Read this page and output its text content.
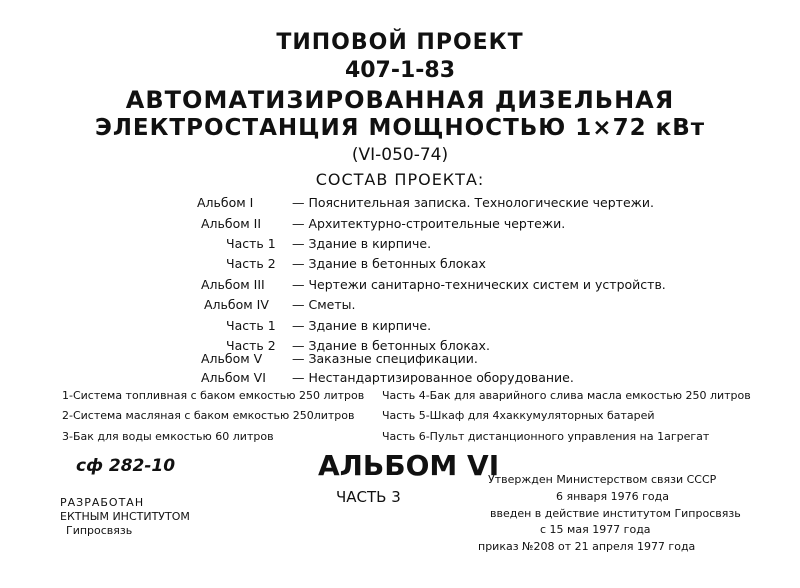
ТИПОВОЙ ПРОЕКТ
407-1-83
АВТОМАТИЗИРОВАННАЯ ДИЗЕЛЬНАЯ
ЭЛЕКТРОСТАНЦИЯ МОЩНОСТЬЮ 1×72 кВт
(VI-050-74)
СОСТАВ ПРОЕКТА:
Альбом I	— Пояснительная записка. Технологические чертежи.
Альбом II — Архитектурно-строительные чертежи.
Часть 1 — Здание в кирпиче.
Часть 2 — Здание в бетонных блоках
Альбом III — Чертежи санитарно-технических систем и устройств.
Альбом IV — Сметы.
Часть 1 — Здание в кирпиче.
Часть 2 — Здание в бетонных блоках.
Альбом V — Заказные спецификации.
Альбом VI — Нестандартизированное оборудование.
1-Система топливная с баком емкостью 250 литров
2-Система масляная с баком емкостью 250литров
3-Бак для воды емкостью 60 литров
Часть 4-Бак для аварийного слива масла емкостью 250 литров
Часть 5-Шкаф для 4хаккумуляторных батарей
Часть 6-Пульт дистанционного управления на 1агрегат
сф 282-10	АЛЬБОМ VI
ЧАСТЬ 3
РАЗРАБОТАН
ЕКТНЫМ ИНСТИТУТОМ
Гипросвязь
Утвержден Министерством связи СССР
6 января 1976 года
введен в действие институтом Гипросвязь
с 15 мая 1977 года
приказ №208 от 21 апреля 1977 года
